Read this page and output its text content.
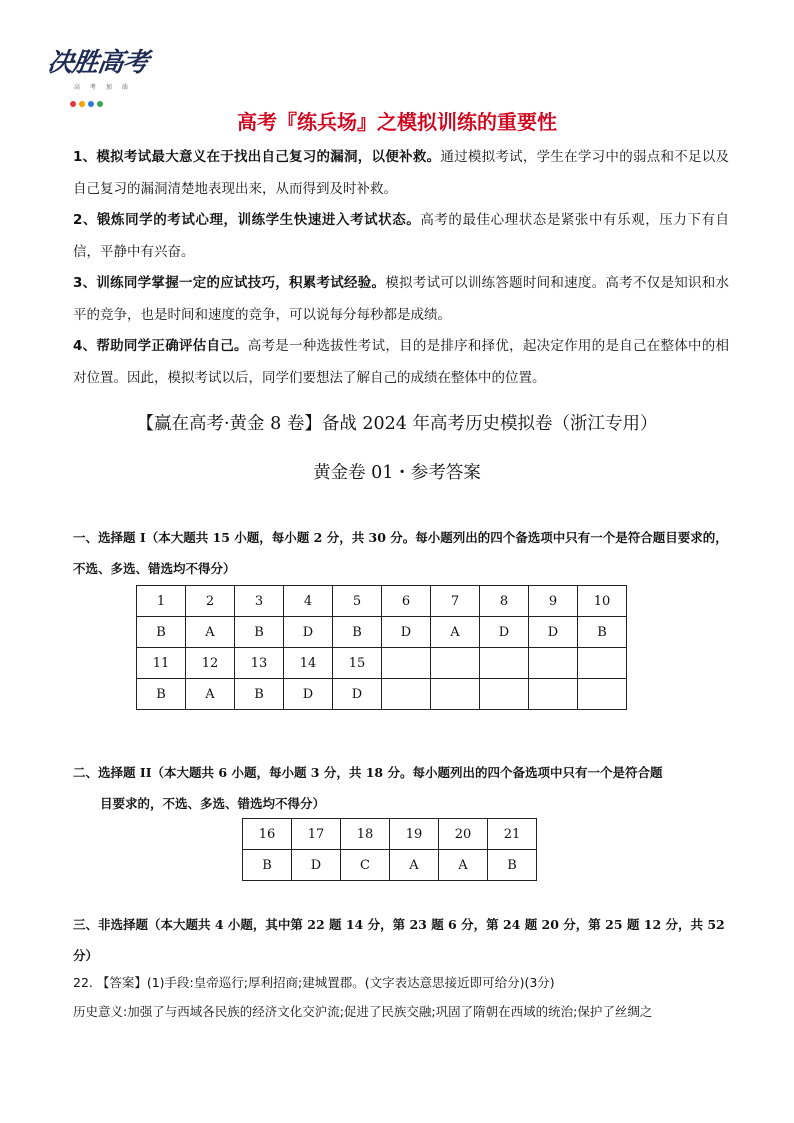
决胜高考
高 考 加 油
高考『练兵场』之模拟训练的重要性

1、模拟考试最大意义在于找出自己复习的漏洞，以便补救。通过模拟考试，学生在学习中的弱点和不足以及自己复习的漏洞清楚地表现出来，从而得到及时补救。

2、锻炼同学的考试心理，训练学生快速进入考试状态。高考的最佳心理状态是紧张中有乐观，压力下有自信，平静中有兴奋。

3、训练同学掌握一定的应试技巧，积累考试经验。模拟考试可以训练答题时间和速度。高考不仅是知识和水平的竞争，也是时间和速度的竞争，可以说每分每秒都是成绩。

4、帮助同学正确评估自己。高考是一种选拔性考试，目的是排序和择优，起决定作用的是自己在整体中的相对位置。因此，模拟考试以后，同学们要想法了解自己的成绩在整体中的位置。

【赢在高考·黄金 8 卷】备战 2024 年高考历史模拟卷（浙江专用）
黄金卷 01・参考答案
一、选择题 I（本大题共 15 小题，每小题 2 分，共 30 分。每小题列出的四个备选项中只有一个是符合题目要求的，不选、多选、错选均不得分）
1	2	3	4	5	6	7	8	9	10
B	A	B	D	B	D	A	D	D	B
11	12	13	14	15					
B	A	B	D	D					
二、选择题 II（本大题共 6 小题，每小题 3 分，共 18 分。每小题列出的四个备选项中只有一个是符合题
目要求的，不选、多选、错选均不得分）
16	17	18	19	20	21
B	D	C	A	A	B
三、非选择题（本大题共 4 小题，其中第 22 题 14 分，第 23 题 6 分，第 24 题 20 分，第 25 题 12 分，共 52 分）

22. 【答案】(1)手段:皇帝巡行;厚利招商;建城置郡。(文字表达意思接近即可给分)(3分)

历史意义:加强了与西域各民族的经济文化交沪流;促进了民族交融;巩固了隋朝在西域的统治;保护了丝绸之
